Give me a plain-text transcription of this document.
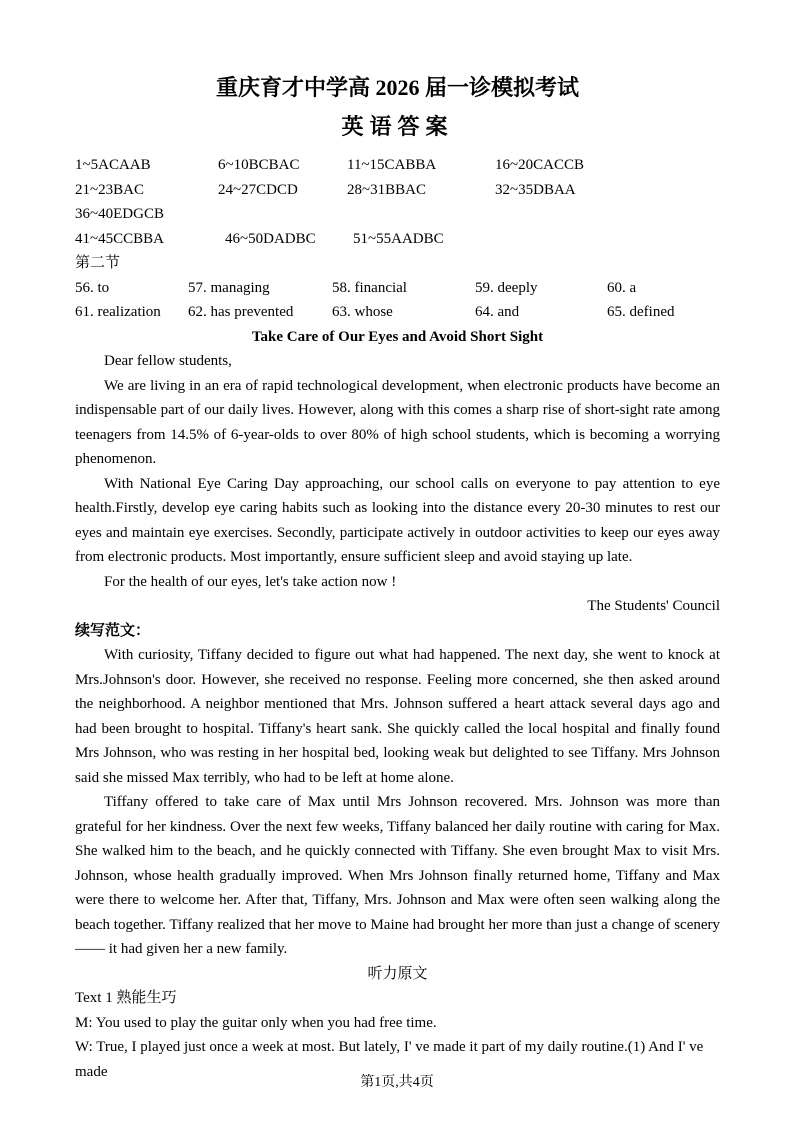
重庆育才中学高 2026 届一诊模拟考试
英语答案
1~5ACAAB	6~10BCBAC	11~15CABBA	16~20CACCB
21~23BAC	24~27CDCD	28~31BBAC	32~35DBAA
36~40EDGCB
41~45CCBBA	46~50DADBC 51~55AADBC
第二节
56. to	57. managing	58. financial	59. deeply	60. a
61. realization 62. has prevented	63. whose	64. and	65. defined
Take Care of Our Eyes and Avoid Short Sight

Dear fellow students,

We are living in an era of rapid technological development, when electronic products have become an indispensable part of our daily lives. However, along with this comes a sharp rise of short-sight rate among teenagers from 14.5% of 6-year-olds to over 80% of high school students, which is becoming a worrying phenomenon.

With National Eye Caring Day approaching, our school calls on everyone to pay attention to eye health.Firstly, develop eye caring habits such as looking into the distance every 20-30 minutes to rest our eyes and maintain eye exercises. Secondly, participate actively in outdoor activities to keep our eyes away from electronic products. Most importantly, ensure sufficient sleep and avoid staying up late.

For the health of our eyes, let's take action now !

The Students' Council

续写范文：

With curiosity, Tiffany decided to figure out what had happened. The next day, she went to knock at Mrs.Johnson's door. However, she received no response. Feeling more concerned, she then asked around the neighborhood. A neighbor mentioned that Mrs. Johnson suffered a heart attack several days ago and had been brought to hospital. Tiffany's heart sank. She quickly called the local hospital and finally found Mrs Johnson, who was resting in her hospital bed, looking weak but delighted to see Tiffany. Mrs Johnson said she missed Max terribly, who had to be left at home alone.

Tiffany offered to take care of Max until Mrs Johnson recovered. Mrs. Johnson was more than grateful for her kindness. Over the next few weeks, Tiffany balanced her daily routine with caring for Max. She walked him to the beach, and he quickly connected with Tiffany. She even brought Max to visit Mrs. Johnson, whose health gradually improved. When Mrs Johnson finally returned home, Tiffany and Max were there to welcome her. After that, Tiffany, Mrs. Johnson and Max were often seen walking along the beach together. Tiffany realized that her move to Maine had brought her more than just a change of scenery—— it had given her a new family.

听力原文

Text 1 熟能生巧

M: You used to play the guitar only when you had free time.

W: True, I played just once a week at most. But lately, I' ve made it part of my daily routine.(1) And I' ve made

第1页,共4页
